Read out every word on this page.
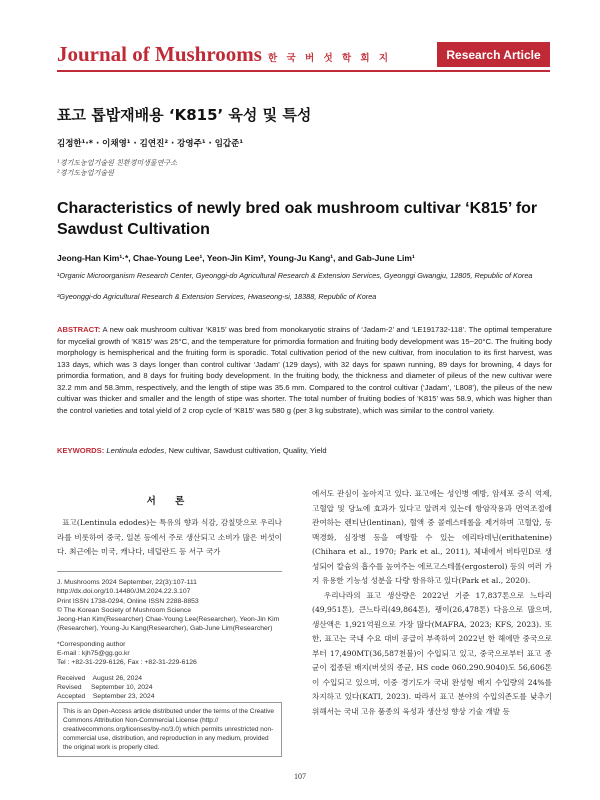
Journal of Mushrooms 한 국 버 섯 학 회 지	Research Article
표고 톱밥재배용 ‘K815’ 육성 및 특성
김정한¹·* · 이채영¹ · 김연진² · 강영주¹ · 임갑준¹
¹경기도농업기술원 친환경미생물연구소
²경기도농업기술원
Characteristics of newly bred oak mushroom cultivar ‘K815’ for Sawdust Cultivation
Jeong-Han Kim¹·*, Chae-Young Lee¹, Yeon-Jin Kim², Young-Ju Kang¹, and Gab-June Lim¹
¹Organic Microorganism Research Center, Gyeonggi-do Agricultural Research & Extension Services, Gyeonggi Gwangju, 12805, Republic of Korea
²Gyeonggi-do Agricultural Research & Extension Services, Hwaseong-si, 18388, Republic of Korea
ABSTRACT: A new oak mushroom cultivar ‘K815’ was bred from monokaryotic strains of ‘Jadam-2’ and ‘LE191732-118’. The optimal temperature for mycelial growth of ‘K815’ was 25°C, and the temperature for primordia formation and fruiting body development was 15~20°C. The fruiting body morphology is hemispherical and the fruiting form is sporadic. Total cultivation period of the new cultivar, from inoculation to its first harvest, was 133 days, which was 3 days longer than control cultivar ‘Jadam’ (129 days), with 32 days for spawn running, 89 days for browning, 4 days for primordia formation, and 8 days for fruiting body development. In the fruiting body, the thickness and diameter of pileus of the new cultivar were 32.2 mm and 58.3mm, respectively, and the length of stipe was 35.6 mm. Compared to the control cultivar (‘Jadam’, ‘L808’), the pileus of the new cultivar was thicker and smaller and the length of stipe was shorter. The total number of fruiting bodies of ‘K815’ was 58.9, which was higher than the control varieties and total yield of 2 crop cycle of ‘K815’ was 580 g (per 3 kg substrate), which was similar to the control variety.
KEYWORDS: Lentinula edodes, New cultivar, Sawdust cultivation, Quality, Yield
서 론
표고(Lentinula edodes)는 특유의 향과 식감, 감칠맛으로 우리나라를 비롯하여 중국, 일본 등에서 주로 생산되고 소비가 많은 버섯이다. 최근에는 미국, 캐나다, 네덜란드 등 서구 국가
J. Mushrooms 2024 September, 22(3):107-111
http://dx.doi.org/10.14480/JM.2024.22.3.107
Print ISSN 1738-0294, Online ISSN 2288-8853
© The Korean Society of Mushroom Science
Jeong-Han Kim(Researcher) Chae-Young Lee(Researcher), Yeon-Jin Kim (Researcher), Young-Ju Kang(Researcher), Gab-June Lim(Researcher)
*Corresponding author
E-mail : kjh75@gg.go.kr
Tel : +82-31-229-6126, Fax : +82-31-229-6126
Received    August 26, 2024
Revised     September 10, 2024
Accepted    September 23, 2024
This is an Open-Access article distributed under the terms of the Creative Commons Attribution Non-Commercial License (http:// creativecommons.org/licenses/by-nc/3.0) which permits unrestricted non-commercial use, distribution, and reproduction in any medium, provided the original work is properly cited.
에서도 관심이 높아지고 있다. 표고에는 성인병 예방, 암세포 증식 억제, 고혈압 및 당뇨에 효과가 있다고 알려져 있는데 항암작용과 면역조절에 관여하는 렌티난(lentinan), 혈액 중 콜레스테롤을 제거하며 고혈압, 동맥경화, 심장병 등을 예방할 수 있는 에리타데닌(erithatenine)(Chihara et al., 1970; Park et al., 2011), 체내에서 비타민D로 생성되어 칼슘의 흡수를 높여주는 에르고스테롤(ergosterol) 등의 여러 가지 유용한 기능성 성분을 다량 함유하고 있다(Park et al., 2020).
우리나라의 표고 생산량은 2022년 기준 17,837톤으로 느타리(49,951톤), 큰느타리(49,864톤), 팽이(26,478톤) 다음으로 많으며, 생산액은 1,921억원으로 가장 많다(MAFRA, 2023; KFS, 2023). 또한, 표고는 국내 수요 대비 공급이 부족하여 2022년 한 해에만 중국으로부터 17,490MT(36,587천불)이 수입되고 있고, 중국으로부터 표고 종균이 접종된 배지(버섯의 종균, HS code 060.290.9040)도 56,606톤이 수입되고 있으며, 이중 경기도가 국내 완성형 배지 수입량의 24%를 차지하고 있다(KATI, 2023). 따라서 표고 분야의 수입의존도를 낮추기 위해서는 국내 고유 품종의 육성과 생산성 향상 기술 개발 등
107
